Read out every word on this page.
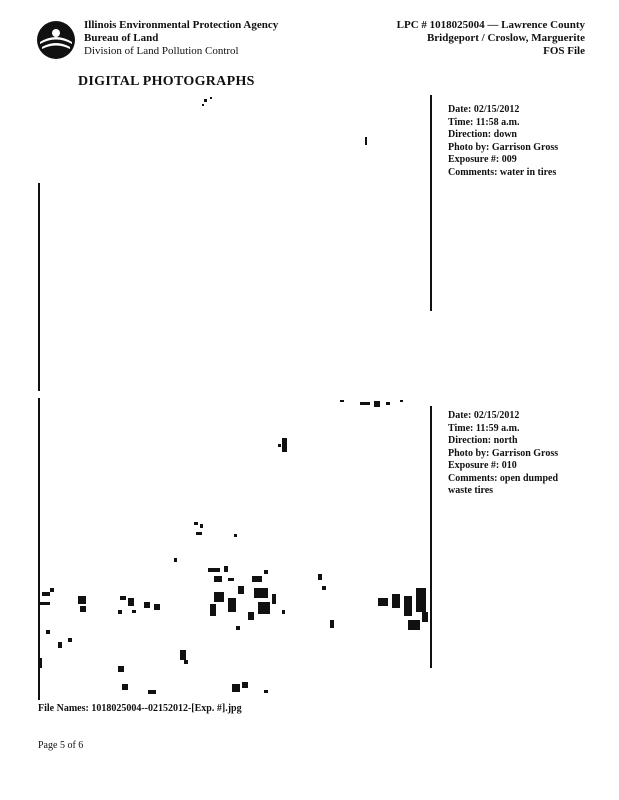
Illinois Environmental Protection Agency
Bureau of Land
Division of Land Pollution Control
LPC # 1018025004 — Lawrence County
Bridgeport / Croslow, Marguerite
FOS File
DIGITAL PHOTOGRAPHS
Date: 02/15/2012
Time: 11:58 a.m.
Direction: down
Photo by: Garrison Gross
Exposure #: 009
Comments: water in tires
Date: 02/15/2012
Time: 11:59 a.m.
Direction: north
Photo by: Garrison Gross
Exposure #: 010
Comments: open dumped
waste tires
File Names: 1018025004--02152012-[Exp. #].jpg
Page 5 of 6
